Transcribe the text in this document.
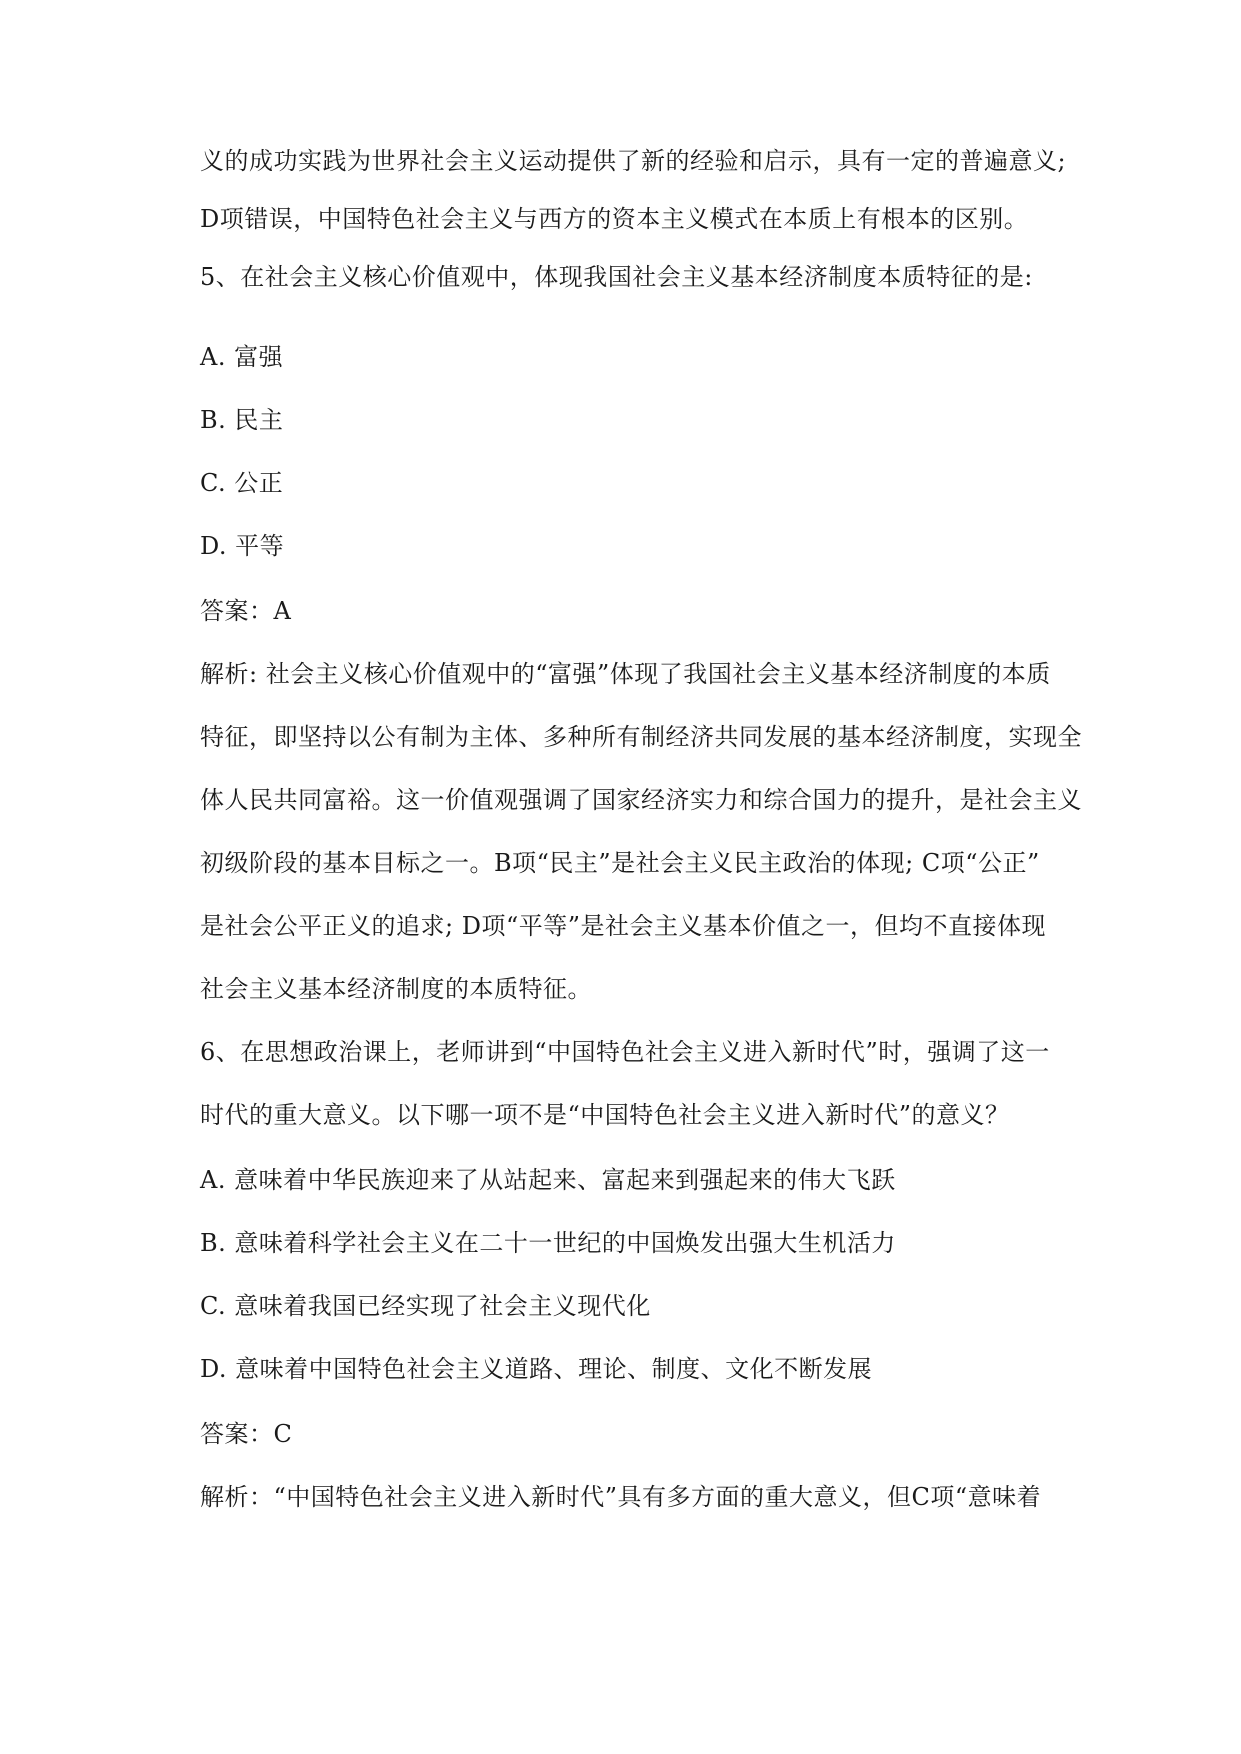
义的成功实践为世界社会主义运动提供了新的经验和启示，具有一定的普遍意义;
D项错误，中国特色社会主义与西方的资本主义模式在本质上有根本的区别。
5、在社会主义核心价值观中，体现我国社会主义基本经济制度本质特征的是:
A. 富强
B. 民主
C. 公正
D. 平等
答案：A
解析: 社会主义核心价值观中的“富强”体现了我国社会主义基本经济制度的本质
特征，即坚持以公有制为主体、多种所有制经济共同发展的基本经济制度，实现全
体人民共同富裕。这一价值观强调了国家经济实力和综合国力的提升，是社会主义
初级阶段的基本目标之一。B项“民主”是社会主义民主政治的体现; C项“公正”
是社会公平正义的追求; D项“平等”是社会主义基本价值之一，但均不直接体现
社会主义基本经济制度的本质特征。
6、在思想政治课上，老师讲到“中国特色社会主义进入新时代”时，强调了这一
时代的重大意义。以下哪一项不是“中国特色社会主义进入新时代”的意义？
A. 意味着中华民族迎来了从站起来、富起来到强起来的伟大飞跃
B. 意味着科学社会主义在二十一世纪的中国焕发出强大生机活力
C. 意味着我国已经实现了社会主义现代化
D. 意味着中国特色社会主义道路、理论、制度、文化不断发展
答案：C
解析：“中国特色社会主义进入新时代”具有多方面的重大意义，但C项“意味着
